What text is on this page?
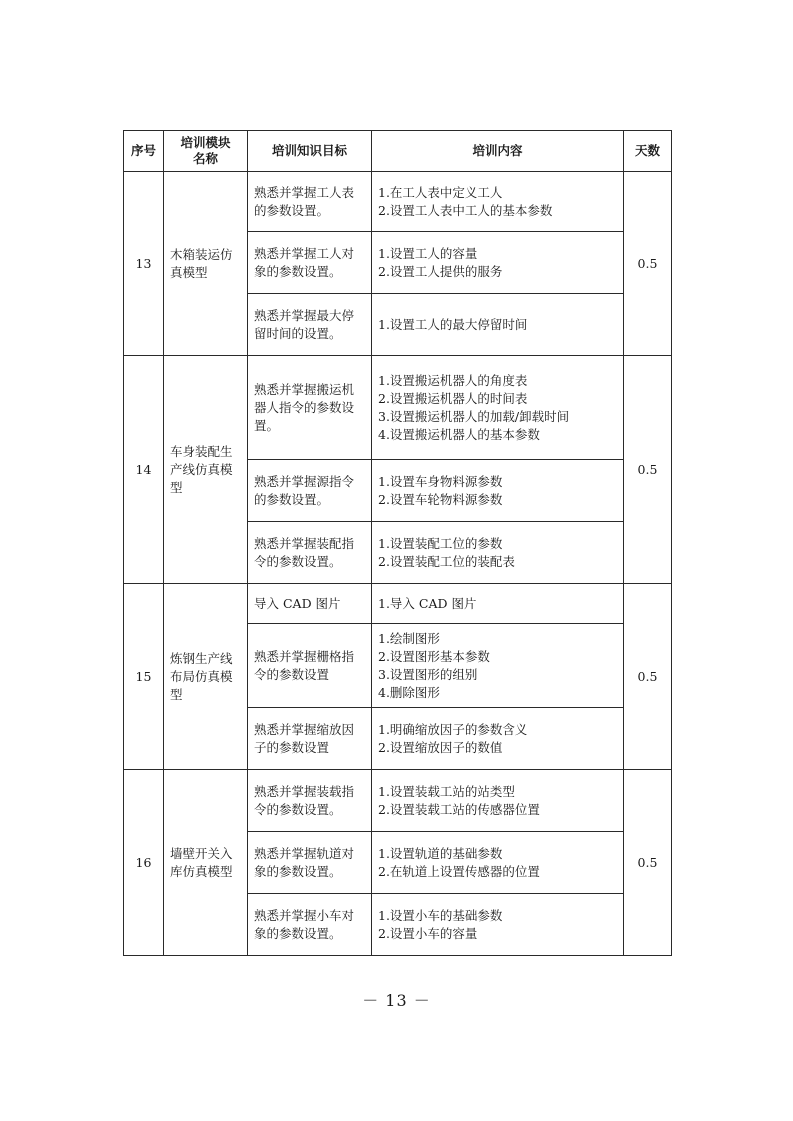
序号	培训模块
名称	培训知识目标	培训内容	天数
13	木箱装运仿真模型	熟悉并掌握工人表的参数设置。	1.在工人表中定义工人
2.设置工人表中工人的基本参数	0.5
		熟悉并掌握工人对象的参数设置。	1.设置工人的容量
2.设置工人提供的服务	

		熟悉并掌握最大停留时间的设置。	1.设置工人的最大停留时间	

14	车身装配生产线仿真模型	熟悉并掌握搬运机器人指令的参数设置。	1.设置搬运机器人的角度表
2.设置搬运机器人的时间表
3.设置搬运机器人的加载/卸载时间
4.设置搬运机器人的基本参数	0.5
		熟悉并掌握源指令的参数设置。	1.设置车身物料源参数
2.设置车轮物料源参数	

		熟悉并掌握装配指令的参数设置。	1.设置装配工位的参数
2.设置装配工位的装配表	

15	炼钢生产线布局仿真模型	导入 CAD 图片	1.导入 CAD 图片	0.5
		熟悉并掌握栅格指令的参数设置	1.绘制图形
2.设置图形基本参数
3.设置图形的组别
4.删除图形	

		熟悉并掌握缩放因子的参数设置	1.明确缩放因子的参数含义
2.设置缩放因子的数值	

16	墙壁开关入库仿真模型	熟悉并掌握装载指令的参数设置。	1.设置装载工站的站类型
2.设置装载工站的传感器位置	0.5
		熟悉并掌握轨道对象的参数设置。	1.设置轨道的基础参数
2.在轨道上设置传感器的位置	

		熟悉并掌握小车对象的参数设置。	1.设置小车的基础参数
2.设置小车的容量	
－ 13 －
